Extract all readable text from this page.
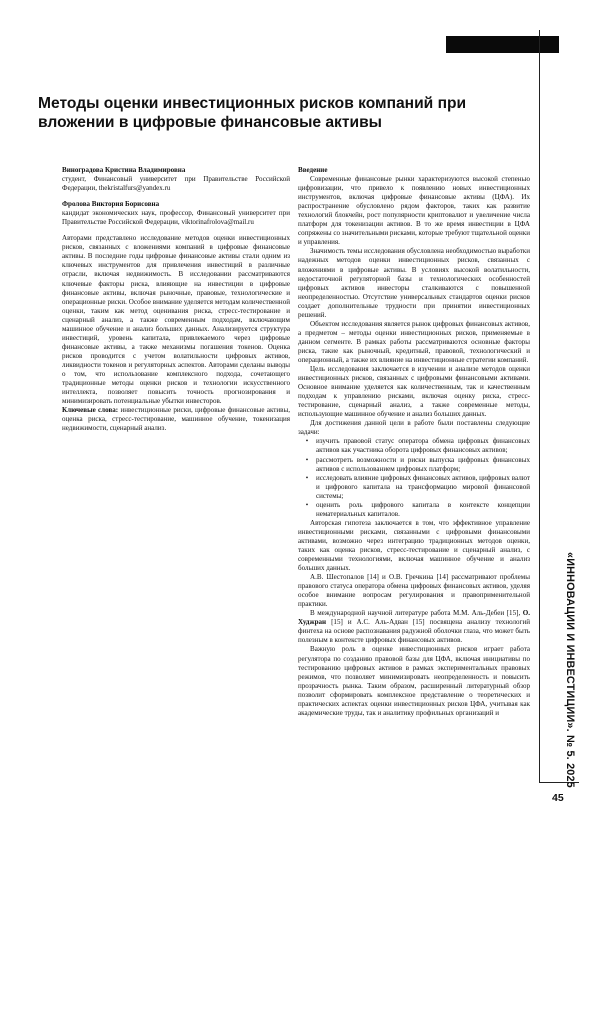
Методы оценки инвестиционных рисков компаний при вложении в цифровые финансовые активы

Виноградова Кристина Владимировна

студент, Финансовый университет при Правительстве Российской Федерации, thekristalfurs@yandex.ru

Фролова Виктория Борисовна

кандидат экономических наук, профессор, Финансовый университет при Правительстве Российской Федерации, viktorinafrolova@mail.ru

Авторами представлено исследование методов оценки инвестиционных рисков, связанных с вложениями компаний в цифровые финансовые активы. В последние годы цифровые финансовые активы стали одним из ключевых инструментов для привлечения инвестиций в различные отрасли, включая недвижимость. В исследовании рассматриваются ключевые факторы риска, влияющие на инвестиции в цифровые финансовые активы, включая рыночные, правовые, технологические и операционные риски. Особое внимание уделяется методам количественной оценки, таким как метод оценивания риска, стресс-тестирование и сценарный анализ, а также современным подходам, включающим машинное обучение и анализ больших данных. Анализируется структура инвестиций, уровень капитала, привлекаемого через цифровые финансовые активы, а также механизмы погашения токенов. Оценка рисков проводится с учетом волатильности цифровых активов, ликвидности токенов и регуляторных аспектов. Авторами сделаны выводы о том, что использование комплексного подхода, сочетающего традиционные методы оценки рисков и технологии искусственного интеллекта, позволяет повысить точность прогнозирования и минимизировать потенциальные убытки инвесторов.

Ключевые слова: инвестиционные риски, цифровые финансовые активы, оценка риска, стресс-тестирование, машинное обучение, токенизация недвижимости, сценарный анализ.

Введение

Современные финансовые рынки характеризуются высокой степенью цифровизации, что привело к появлению новых инвестиционных инструментов, включая цифровые финансовые активы (ЦФА). Их распространение обусловлено рядом факторов, таких как развитие технологий блокчейн, рост популярности криптовалют и увеличение числа платформ для токенизации активов. В то же время инвестиции в ЦФА сопряжены со значительными рисками, которые требуют тщательной оценки и управления.

Значимость темы исследования обусловлена необходимостью выработки надежных методов оценки инвестиционных рисков, связанных с вложениями в цифровые активы. В условиях высокой волатильности, недостаточной регуляторной базы и технологических особенностей цифровых активов инвесторы сталкиваются с повышенной неопределенностью. Отсутствие универсальных стандартов оценки рисков создает дополнительные трудности при принятии инвестиционных решений.

Объектом исследования является рынок цифровых финансовых активов, а предметом – методы оценки инвестиционных рисков, применяемые в данном сегменте. В рамках работы рассматриваются основные факторы риска, такие как рыночный, кредитный, правовой, технологический и операционный, а также их влияние на инвестиционные стратегии компаний.

Цель исследования заключается в изучении и анализе методов оценки инвестиционных рисков, связанных с цифровыми финансовыми активами. Основное внимание уделяется как количественным, так и качественным подходам к управлению рисками, включая оценку риска, стресс-тестирование, сценарный анализ, а также современные методы, использующие машинное обучение и анализ больших данных.

Для достижения данной цели в работе были поставлены следующие задачи:

•	изучить правовой статус оператора обмена цифровых финансовых активов как участника оборота цифровых финансовых активов;
•	рассмотреть возможности и риски выпуска цифровых финансовых активов с использованием цифровых платформ;
•	исследовать влияние цифровых финансовых активов, цифровых валют и цифрового капитала на трансформацию мировой финансовой системы;
•	оценить роль цифрового капитала в контексте концепции нематериальных капиталов.

Авторская гипотеза заключается в том, что эффективное управление инвестиционными рисками, связанными с цифровыми финансовыми активами, возможно через интеграцию традиционных методов оценки, таких как оценка рисков, стресс-тестирование и сценарный анализ, с современными технологиями, включая машинное обучение и анализ больших данных.

А.В. Шестопалов [14] и О.В. Гречкина [14] рассматривают проблемы правового статуса оператора обмена цифровых финансовых активов, уделяя особое внимание вопросам регулирования и правоприменительной практики.

В международной научной литературе работа М.М. Аль-Дебеи [15], О. Худжран [15] и А.С. Аль-Адван [15] посвящена анализу технологий финтеха на основе распознавания радужной оболочки глаза, что может быть полезным в контексте цифровых финансовых активов.

Важную роль в оценке инвестиционных рисков играет работа регулятора по созданию правовой базы для ЦФА, включая инициативы по тестированию цифровых активов в рамках экспериментальных правовых режимов, что позволяет минимизировать неопределенность и повысить прозрачность рынка. Таким образом, расширенный литературный обзор позволит сформировать комплексное представление о теоретических и практических аспектах оценки инвестиционных рисков ЦФА, учитывая как академические труды, так и аналитику профильных организаций и	«ИННОВАЦИИ И ИНВЕСТИЦИИ». № 5. 2025
45
